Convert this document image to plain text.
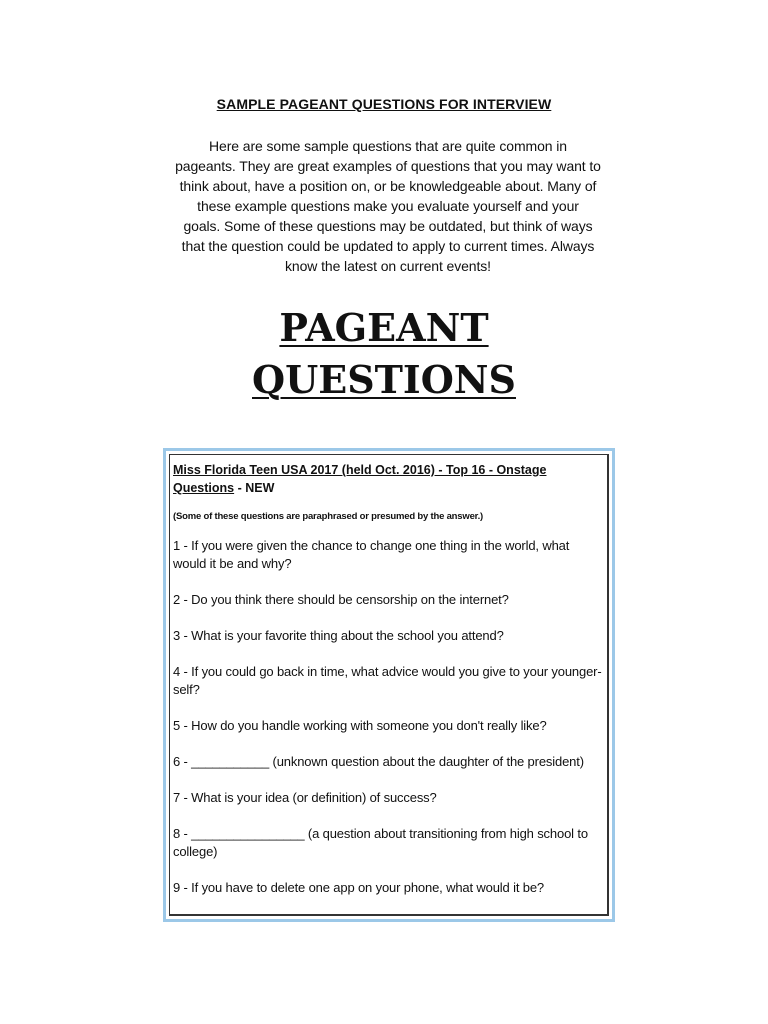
SAMPLE PAGEANT QUESTIONS FOR INTERVIEW
Here are some sample questions that are quite common in
pageants. They are great examples of questions that you may want to
think about, have a position on, or be knowledgeable about. Many of
these example questions make you evaluate yourself and your
goals. Some of these questions may be outdated, but think of ways
that the question could be updated to apply to current times. Always
know the latest on current events!
PAGEANT
QUESTIONS

Miss Florida Teen USA 2017 (held Oct. 2016) - Top 16 - Onstage Questions - NEW

(Some of these questions are paraphrased or presumed by the answer.)

1 - If you were given the chance to change one thing in the world, what would it be and why?
2 - Do you think there should be censorship on the internet?
3 - What is your favorite thing about the school you attend?
4 - If you could go back in time, what advice would you give to your younger-self?
5 - How do you handle working with someone you don't really like?
6 - ___________ (unknown question about the daughter of the president)
7 - What is your idea (or definition) of success?
8 - ________________ (a question about transitioning from high school to college)
9 - If you have to delete one app on your phone, what would it be?
